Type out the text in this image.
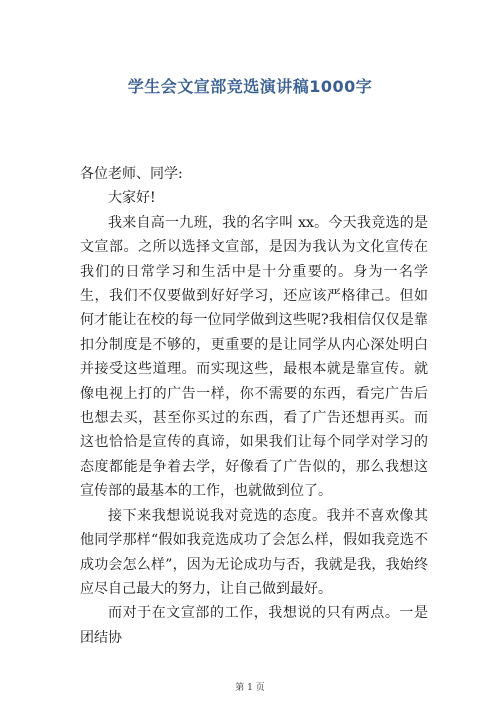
学生会文宣部竞选演讲稿1000字

各位老师、同学:

大家好!

我来自高一九班，我的名字叫 xx。今天我竞选的是文宣部。之所以选择文宣部，是因为我认为文化宣传在我们的日常学习和生活中是十分重要的。身为一名学生，我们不仅要做到好好学习，还应该严格律己。但如何才能让在校的每一位同学做到这些呢?我相信仅仅是靠扣分制度是不够的，更重要的是让同学从内心深处明白并接受这些道理。而实现这些，最根本就是靠宣传。就像电视上打的广告一样，你不需要的东西，看完广告后也想去买，甚至你买过的东西，看了广告还想再买。而这也恰恰是宣传的真谛，如果我们让每个同学对学习的态度都能是争着去学，好像看了广告似的，那么我想这宣传部的最基本的工作，也就做到位了。

接下来我想说说我对竞选的态度。我并不喜欢像其他同学那样“假如我竞选成功了会怎么样，假如我竞选不成功会怎么样”，因为无论成功与否，我就是我，我始终应尽自己最大的努力，让自己做到最好。

而对于在文宣部的工作，我想说的只有两点。一是团结协

第 1 页
